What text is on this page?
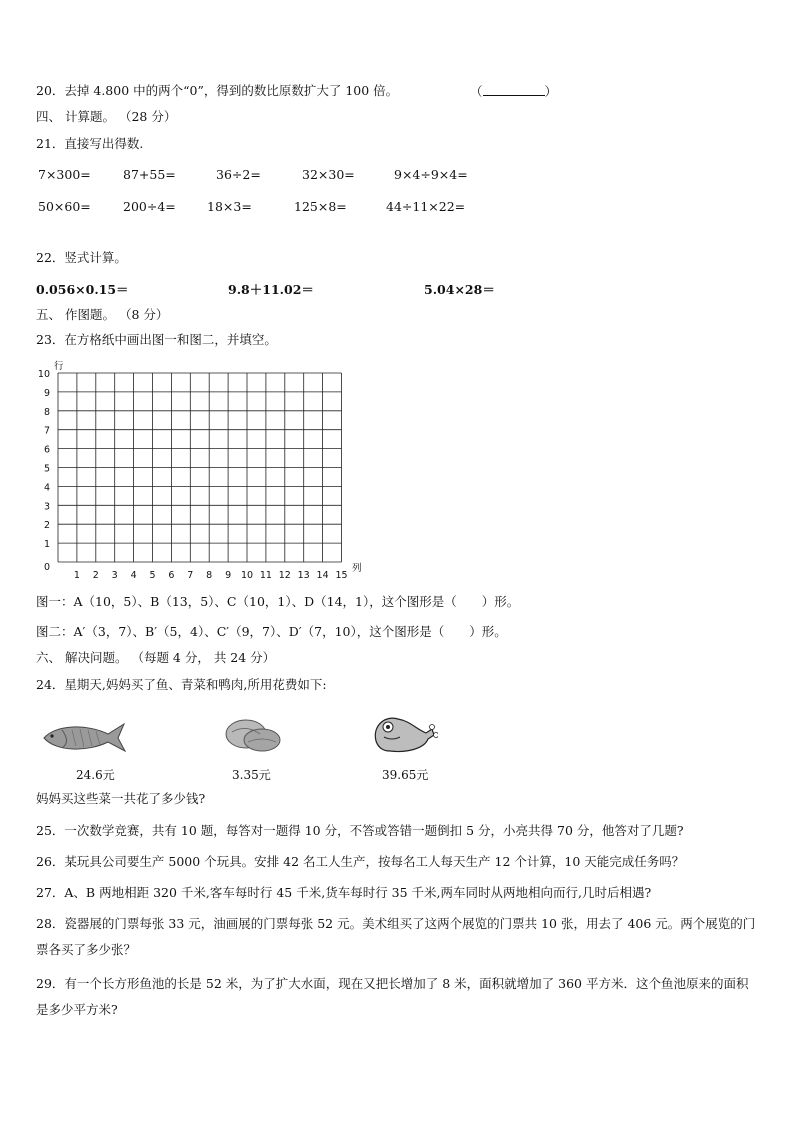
20．去掉 4.800 中的两个“0”，得到的数比原数扩大了 100 倍。	（	）
四、 计算题。 （28 分）
21．直接写出得数.
7×300=	87+55=	36÷2=	32×30=	9×4÷9×4=
50×60=	200÷4= 18×3=	125×8=	44÷11×22=
22．竖式计算。
0.056×0.15＝	9.8＋11.02＝	5.04×28＝
五、 作图题。 （8 分）
23．在方格纸中画出图一和图二，并填空。
行
列
1 2 3 4 5 6 7 8 9 10 11 12 13 14 15
0
1
2
3
4
5
6
7
8
9
10
图一：A（10，5）、B（13，5）、C（10，1）、D（14，1），这个图形是（　　）形。
图二：A′（3，7）、B′（5，4）、C′（9，7）、D′（7，10），这个图形是（　　）形。
六、 解决问题。 （每题 4 分， 共 24 分）
24．星期天,妈妈买了鱼、青菜和鸭肉,所用花费如下:
24.6元	3.35元	39.65元
妈妈买这些菜一共花了多少钱?
25．一次数学竞赛，共有 10 题，每答对一题得 10 分，不答或答错一题倒扣 5 分，小亮共得 70 分，他答对了几题?
26．某玩具公司要生产 5000 个玩具。安排 42 名工人生产，按每名工人每天生产 12 个计算，10 天能完成任务吗？
27．A、B 两地相距 320 千米,客车每时行 45 千米,货车每时行 35 千米,两车同时从两地相向而行,几时后相遇?
28．瓷器展的门票每张 33 元，油画展的门票每张 52 元。美术组买了这两个展览的门票共 10 张，用去了 406 元。两个展览的门票各买了多少张？
29．有一个长方形鱼池的长是 52 米，为了扩大水面，现在又把长增加了 8 米，面积就增加了 360 平方米．这个鱼池原来的面积是多少平方米?
